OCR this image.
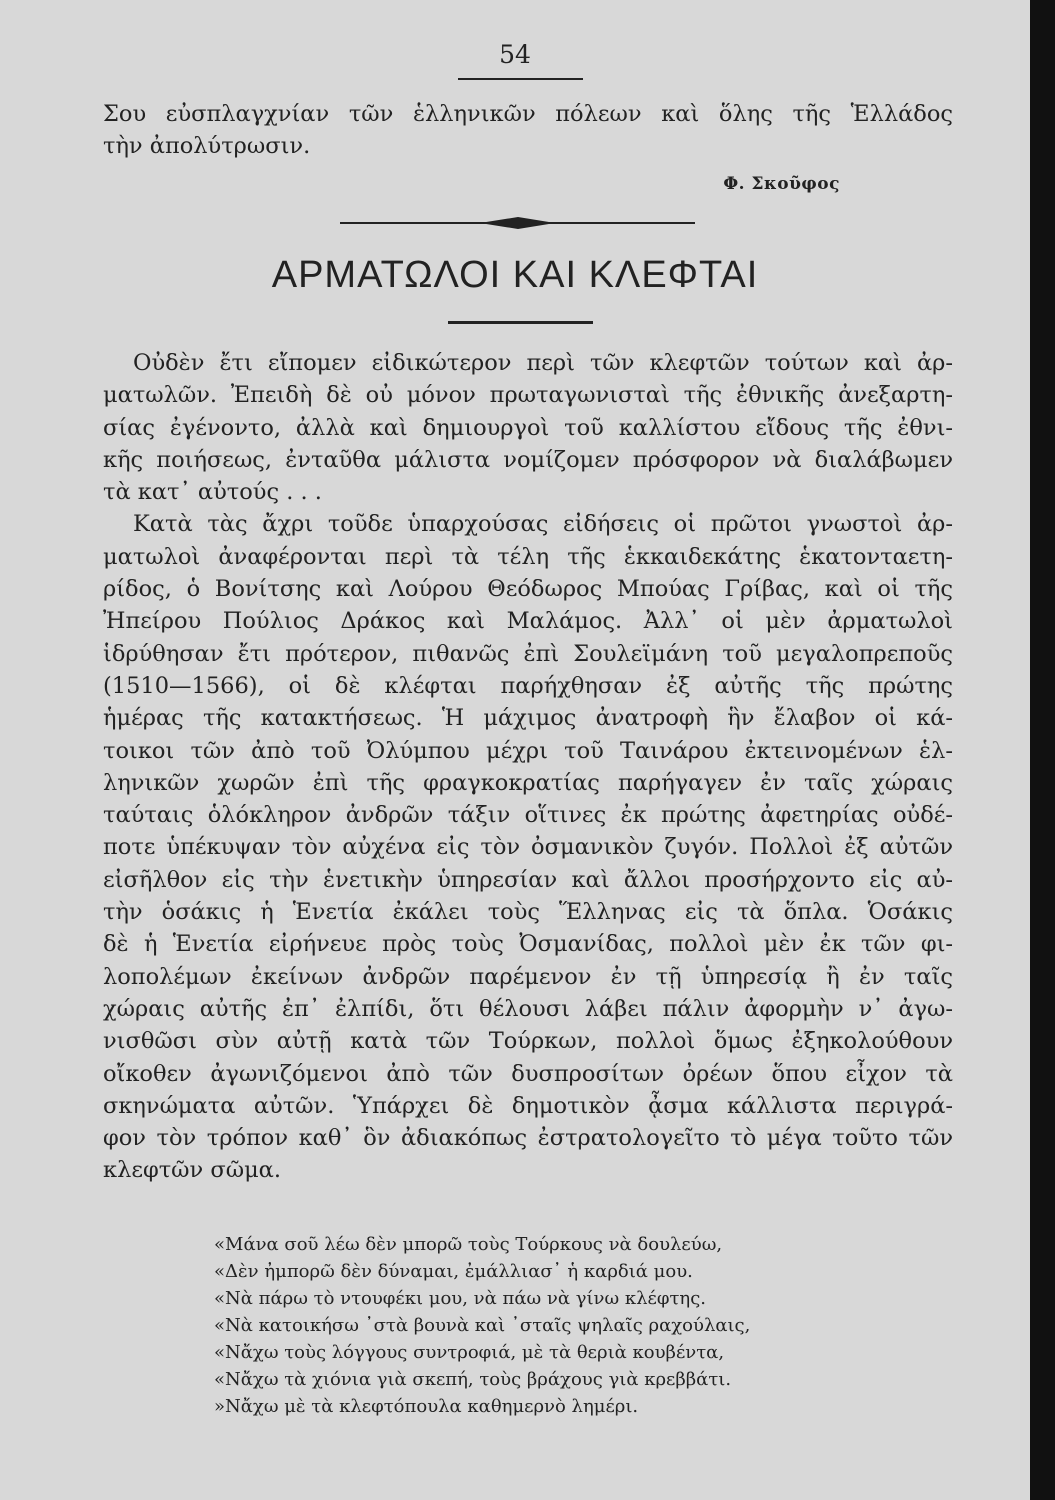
54
Σου εὐσπλαγχνίαν τῶν ἑλληνικῶν πόλεων καὶ ὅλης τῆς Ἑλλάδος
τὴν ἀπολύτρωσιν.
Φ. Σκοῦφος
ΑΡΜΑΤΩΛΟΙ ΚΑΙ ΚΛΕΦΤΑΙ
Οὐδὲν ἔτι εἴπομεν εἰδικώτερον περὶ τῶν κλεφτῶν τούτων καὶ ἀρ-
ματωλῶν. Ἐπειδὴ δὲ οὐ μόνον πρωταγωνισταὶ τῆς ἐθνικῆς ἀνεξαρτη-
σίας ἐγένοντο, ἀλλὰ καὶ δημιουργοὶ τοῦ καλλίστου εἴδους τῆς ἐθνι-
κῆς ποιήσεως, ἐνταῦθα μάλιστα νομίζομεν πρόσφορον νὰ διαλάβωμεν
τὰ κατ᾿ αὐτούς . . .
Κατὰ τὰς ἄχρι τοῦδε ὑπαρχούσας εἰδήσεις οἱ πρῶτοι γνωστοὶ ἀρ-
ματωλοὶ ἀναφέρονται περὶ τὰ τέλη τῆς ἑκκαιδεκάτης ἑκατονταετη-
ρίδος, ὁ Βονίτσης καὶ Λούρου Θεόδωρος Μπούας Γρίβας, καὶ οἱ τῆς
Ἠπείρου Πούλιος Δράκος καὶ Μαλάμος. Ἀλλ᾿ οἱ μὲν ἀρματωλοὶ
ἱδρύθησαν ἔτι πρότερον, πιθανῶς ἐπὶ Σουλεϊμάνη τοῦ μεγαλοπρεποῦς
(1510—1566), οἱ δὲ κλέφται παρήχθησαν ἐξ αὐτῆς τῆς πρώτης
ἡμέρας τῆς κατακτήσεως. Ἡ μάχιμος ἀνατροφὴ ἣν ἔλαβον οἱ κά-
τοικοι τῶν ἀπὸ τοῦ Ὀλύμπου μέχρι τοῦ Ταινάρου ἐκτεινομένων ἑλ-
ληνικῶν χωρῶν ἐπὶ τῆς φραγκοκρατίας παρήγαγεν ἐν ταῖς χώραις
ταύταις ὁλόκληρον ἀνδρῶν τάξιν οἵτινες ἐκ πρώτης ἀφετηρίας οὐδέ-
ποτε ὑπέκυψαν τὸν αὐχένα εἰς τὸν ὀσμανικὸν ζυγόν. Πολλοὶ ἐξ αὐτῶν
εἰσῆλθον εἰς τὴν ἑνετικὴν ὑπηρεσίαν καὶ ἄλλοι προσήρχοντο εἰς αὐ-
τὴν ὁσάκις ἡ Ἑνετία ἐκάλει τοὺς Ἕλληνας εἰς τὰ ὅπλα. Ὁσάκις
δὲ ἡ Ἑνετία εἰρήνευε πρὸς τοὺς Ὀσμανίδας, πολλοὶ μὲν ἐκ τῶν φι-
λοπολέμων ἐκείνων ἀνδρῶν παρέμενον ἐν τῇ ὑπηρεσίᾳ ἢ ἐν ταῖς
χώραις αὐτῆς ἐπ᾿ ἐλπίδι, ὅτι θέλουσι λάβει πάλιν ἀφορμὴν ν᾿ ἀγω-
νισθῶσι σὺν αὐτῇ κατὰ τῶν Τούρκων, πολλοὶ ὅμως ἐξηκολούθουν
οἴκοθεν ἀγωνιζόμενοι ἀπὸ τῶν δυσπροσίτων ὀρέων ὅπου εἶχον τὰ
σκηνώματα αὐτῶν. Ὑπάρχει δὲ δημοτικὸν ᾆσμα κάλλιστα περιγρά-
φον τὸν τρόπον καθ᾿ ὃν ἀδιακόπως ἐστρατολογεῖτο τὸ μέγα τοῦτο τῶν
κλεφτῶν σῶμα.
«Μάνα σοῦ λέω δὲν μπορῶ τοὺς Τούρκους νὰ δουλεύω,
«Δὲν ἠμπορῶ δὲν δύναμαι, ἐμάλλιασ᾿ ἡ καρδιά μου.
«Νὰ πάρω τὸ ντουφέκι μου, νὰ πάω νὰ γίνω κλέφτης.
«Νὰ κατοικήσω ᾿στὰ βουνὰ καὶ ᾿σταῖς ψηλαῖς ραχούλαις,
«Νἄχω τοὺς λόγγους συντροφιά, μὲ τὰ θεριὰ κουβέντα,
«Νἄχω τὰ χιόνια γιὰ σκεπή, τοὺς βράχους γιὰ κρεββάτι.
»Νἄχω μὲ τὰ κλεφτόπουλα καθημερνὸ λημέρι.
